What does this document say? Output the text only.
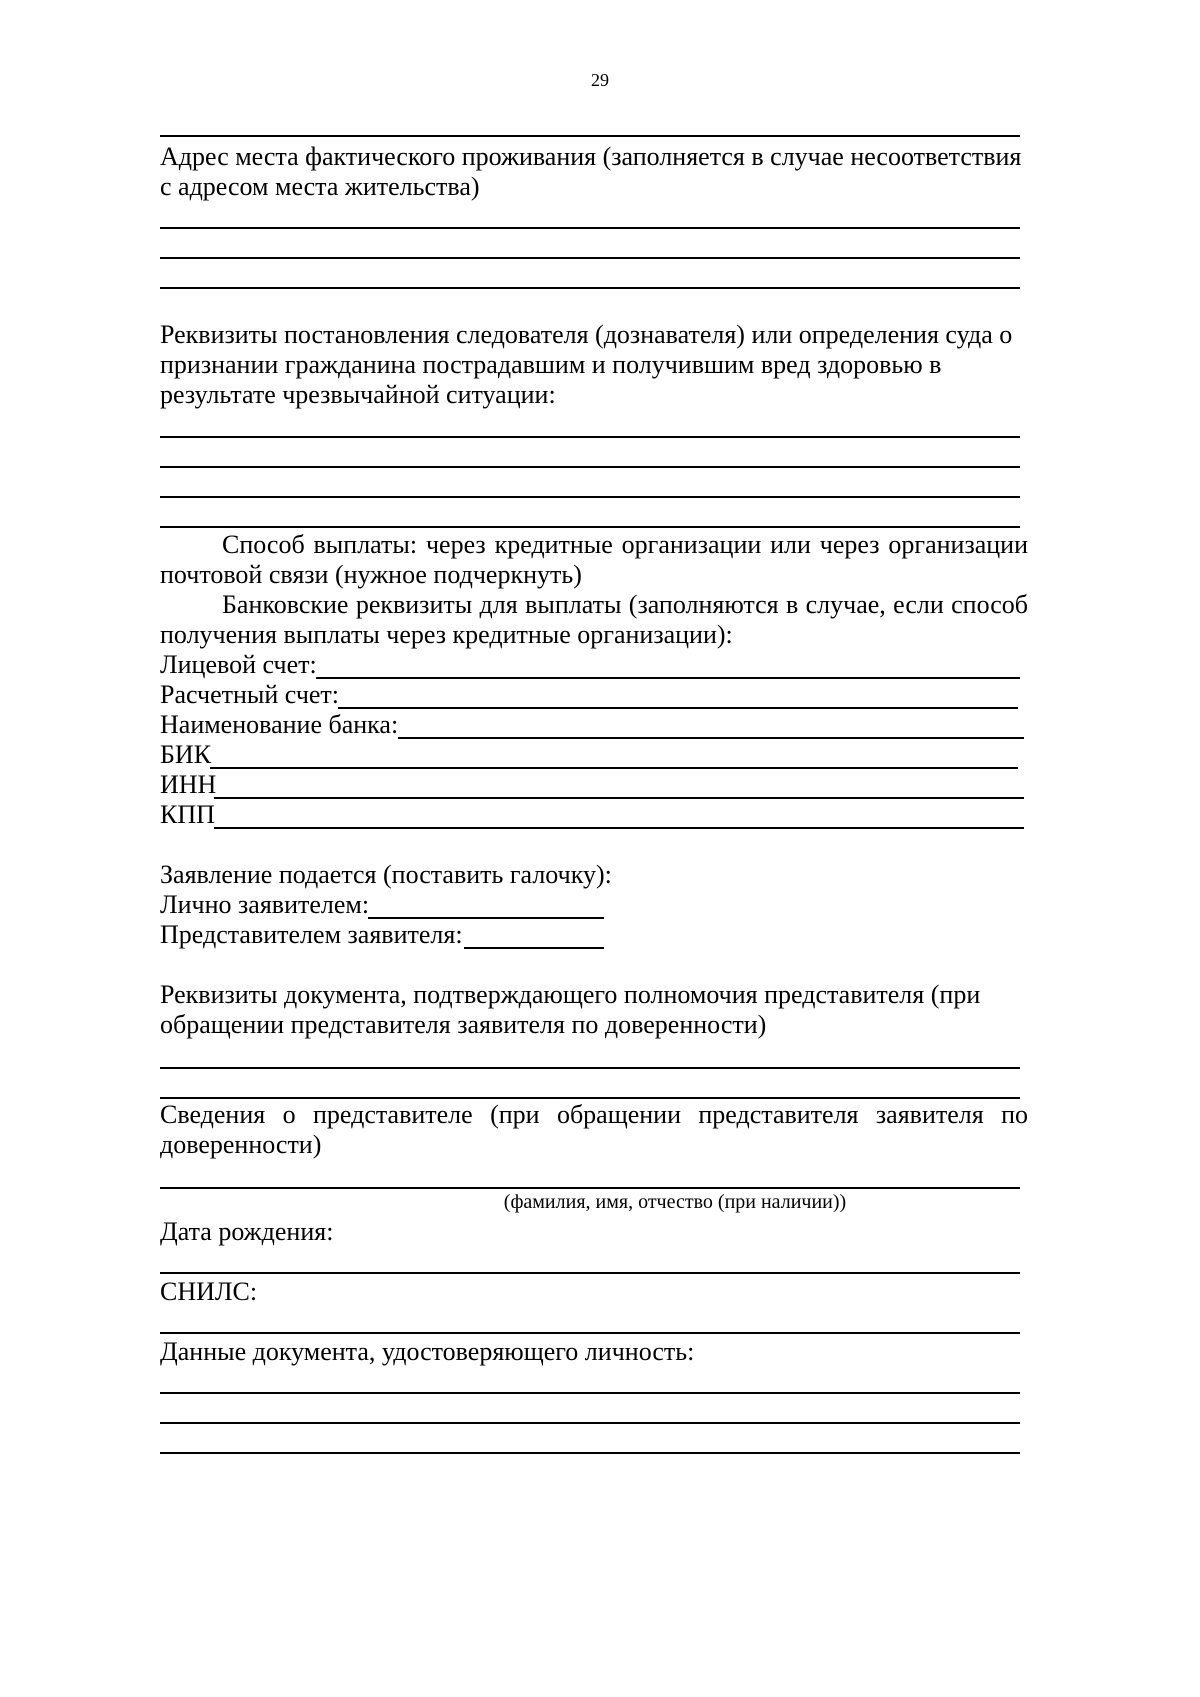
29
Адрес места фактического проживания (заполняется в случае несоответствия
с адресом места жительства)
Реквизиты постановления следователя (дознавателя) или определения суда о
признании гражданина пострадавшим и получившим вред здоровью в
результате чрезвычайной ситуации:
Способ выплаты: через кредитные организации или через организации
почтовой связи (нужное подчеркнуть)
Банковские реквизиты для выплаты (заполняются в случае, если способ
получения выплаты через кредитные организации):
Лицевой счет:
Расчетный счет:
Наименование банка:
БИК
ИНН
КПП
Заявление подается (поставить галочку):
Лично заявителем:
Представителем заявителя:
Реквизиты документа, подтверждающего полномочия представителя (при
обращении представителя заявителя по доверенности)
Сведения о представителе (при обращении представителя заявителя по
доверенности)
(фамилия, имя, отчество (при наличии))
Дата рождения:
СНИЛС:
Данные документа, удостоверяющего личность:
